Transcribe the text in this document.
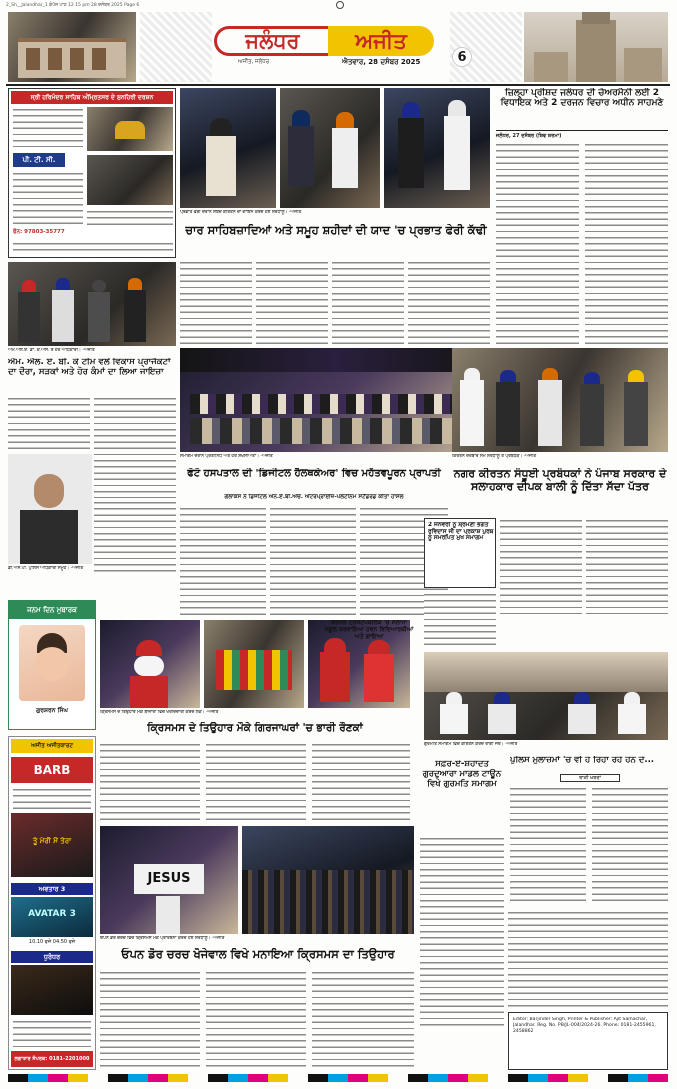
2_Sh__Jalandhar_1 ਕੰਪੋਜ਼ ਪਾਠ 12.15 pm 28 ਦਸੰਬਰ 2025 Page 6
ਜਲੰਧਰ	ਅਜੀਤ
ਅਜੀਤ, ਜਲੰਧਰ	ਐਤਵਾਰ, 28 ਦਸੰਬਰ 2025	6
ਸ੍ਰੀ ਹਰਿਮੰਦਰ ਸਾਹਿਬ ਅੰਮ੍ਰਿਤਸਰ ਦੇ ਸੁਨਹਿਰੀ ਦਰਸ਼ਨ
ਪੀ. ਟੀ. ਸੀ.
ਫੋਨ: 97803-35777
ਪ੍ਰਭਾਤ ਫੇਰੀ ਦੌਰਾਨ ਸ਼ਬਦ ਕੀਰਤਨ ਦਾ ਗਾਇਨ ਕਰਦੇ ਹੋਏ ਸ਼ਰਧਾਲੂ। -ਅਜੀਤ
ਚਾਰ ਸਾਹਿਬਜ਼ਾਦਿਆਂ ਅਤੇ ਸਮੂਹ ਸ਼ਹੀਦਾਂ ਦੀ ਯਾਦ 'ਚ ਪ੍ਰਭਾਤ ਫੇਰੀ ਕੱਢੀ
ਜ਼ਿਲ੍ਹਾ ਪ੍ਰੀਸ਼ਦ ਜਲੰਧਰ ਦੀ ਚੇਅਰਮੈਨੀ ਲਈ 2 ਵਿਧਾਇਕ ਅਤੇ 2 ਦਰਜਨ ਵਿਚਾਰ ਅਧੀਨ ਸਾਹਮਣੇ
ਜਲੰਧਰ, 27 ਦਸੰਬਰ (ਸ਼ਿਵ ਸ਼ਰਮਾ)
ਐਮ.ਐਲ.ਏ. ਡਾ. ਕੇ.ਐਸ. ਤੇ ਹੋਰ ਅਧਿਕਾਰੀ। -ਅਜੀਤ
ਐਮ. ਐਲ. ਏ. ਬੀ. ਕੇ ਟੀਮ ਵਲੋਂ ਵਿਕਾਸ ਪ੍ਰਾਜੈਕਟਾਂ ਦਾ ਦੌਰਾ, ਸੜਕਾਂ ਅਤੇ ਹੋਰ ਕੰਮਾਂ ਦਾ ਲਿਆ ਜਾਇਜ਼ਾ
ਸਮਾਗਮ ਦੌਰਾਨ ਪ੍ਰਤੀਨਿਧ ਅਤੇ ਹੋਰ ਸ਼ਖ਼ਸੀਅਤਾਂ। -ਅਜੀਤ	ਕਿਰਤਨ ਦਰਬਾਰ ਸਮੇਂ ਸ਼ਰਧਾਲੂ ਤੇ ਪ੍ਰਬੰਧਕ। -ਅਜੀਤ
ਡੀ.ਐਸ.ਪੀ. ਪੁਲਿਸ ਅਧਿਕਾਰੀ ਸਮੂਹ। -ਅਜੀਤ
ਫੋਟੋ ਹਸਪਤਾਲ ਦੀ 'ਡਿਜੀਟਲ ਹੈਲਥਕੇਅਰ' ਵਿਚ ਮਹੱਤਵਪੂਰਨ ਪ੍ਰਾਪਤੀ
ਗਲਾਕਸ ਨੇ ਡਿਜੀਟਲ ਐਨ.ਏ.ਬੀ.ਐਚ. ਐਂਟਰਪ੍ਰਾਈਜ਼-ਪਲੇਟੀਨਮ ਸਟੈਂਡਰਡ ਕੀਤਾ ਹਾਸਲ
ਨਗਰ ਕੀਰਤਨ ਸੰਧੂਈ ਪ੍ਰਬੰਧਕਾਂ ਨੇ ਪੰਜਾਬ ਸਰਕਾਰ ਦੇ ਸਲਾਹਕਾਰ ਦੀਪਕ ਬਾਲੀ ਨੂੰ ਦਿੱਤਾ ਸੱਦਾ ਪੱਤਰ
2 ਜਨਵਰੀ ਨੂੰ ਸ਼੍ਰੋਮਣੀ ਭਗਤ ਰਵਿਦਾਸ ਜੀ ਦਾ ਪ੍ਰਕਾਸ਼ ਪੁਰਬ ਨੂੰ ਸਮਰਪਿਤ ਮੁਖ ਸਮਾਗਮ
ਜਨਮ ਦਿਨ ਮੁਬਾਰਕ
ਗੁਰਸ਼ਰਨ ਸਿੰਘ	ਕ੍ਰਿਸਮਸ ਦੇ ਤਿਉਹਾਰ ਮੌਕੇ ਬਾਜ਼ਾਰਾਂ ਵਿਚ ਖਰੀਦਦਾਰੀ ਕਰਦੇ ਲੋਕ। -ਅਜੀਤ
ਕ੍ਰਿਸਮਸ ਦੇ ਤਿਉਹਾਰ ਮੌਕੇ ਗਿਰਜਾਘਰਾਂ 'ਚ ਭਾਰੀ ਰੌਣਕਾਂ
ਕਰਨਲ ਟ੍ਰਸਟਪਬਲਿਕ 'ਚ ਸਲਾਨਾ ਸਕੂਲ ਕਰਵਾਇਆ ਹਵਨ ਵਿਦਿਆਰਥੀਆਂ ਅਤੇ ਗਾਇਆ
ਗੁਰਮਤਿ ਸਮਾਗਮ ਵਿਚ ਕੀਰਤਨ ਕਰਦੇ ਰਾਗੀ ਜਥੇ। -ਅਜੀਤ
ਸਫ਼ਰ-ਏ-ਸ਼ਹਾਦਤ ਗੁਰਦੁਆਰਾ ਮਾਡਲ ਟਾਊਨ ਵਿਖੇ ਗੁਰਮਤਿ ਸਮਾਗਮ
ਪੁਲਿਸ ਮੁਲਾਜ਼ਮਾਂ 'ਚ ਵੀ ਹੋ ਰਿਹਾ ਰਹੇ ਹਨ ਦੇ...
ਬਾਕੀ ਖ਼ਬਰਾਂ
ਅਜੀਤ ਅਜੀਤਕਾਰਟ
BARB
ਤੂੰ ਮੇਰੀ ਮੈਂ ਤੇਰਾ
ਅਵਤਾਰ 3
AVATAR 3
10.10 ਵਜੇ 04.50 ਵਜੇ
ਧੁਰੰਧਰ
ਲਗਾਤਾਰ ਸੰਪਰਕ: 0181-2201000
JESUS
ਓਪਨ ਡੋਰ ਚਰਚ ਵਿਚ ਕ੍ਰਿਸਮਸ ਮੌਕੇ ਪ੍ਰਾਰਥਨਾ ਕਰਦੇ ਹੋਏ ਸ਼ਰਧਾਲੂ। -ਅਜੀਤ
ਓਪਨ ਡੋਰ ਚਰਚ ਖੋਜੇਵਾਲ ਵਿਖੇ ਮਨਾਇਆ ਕ੍ਰਿਸਮਸ ਦਾ ਤਿਉਹਾਰ
Editor: Barjinder Singh, Printer & Publisher: Ajit Samachar, Jalandhar. Reg. No. PB/JL-004/2024-26. Phone: 0181-2455961, 2458862
